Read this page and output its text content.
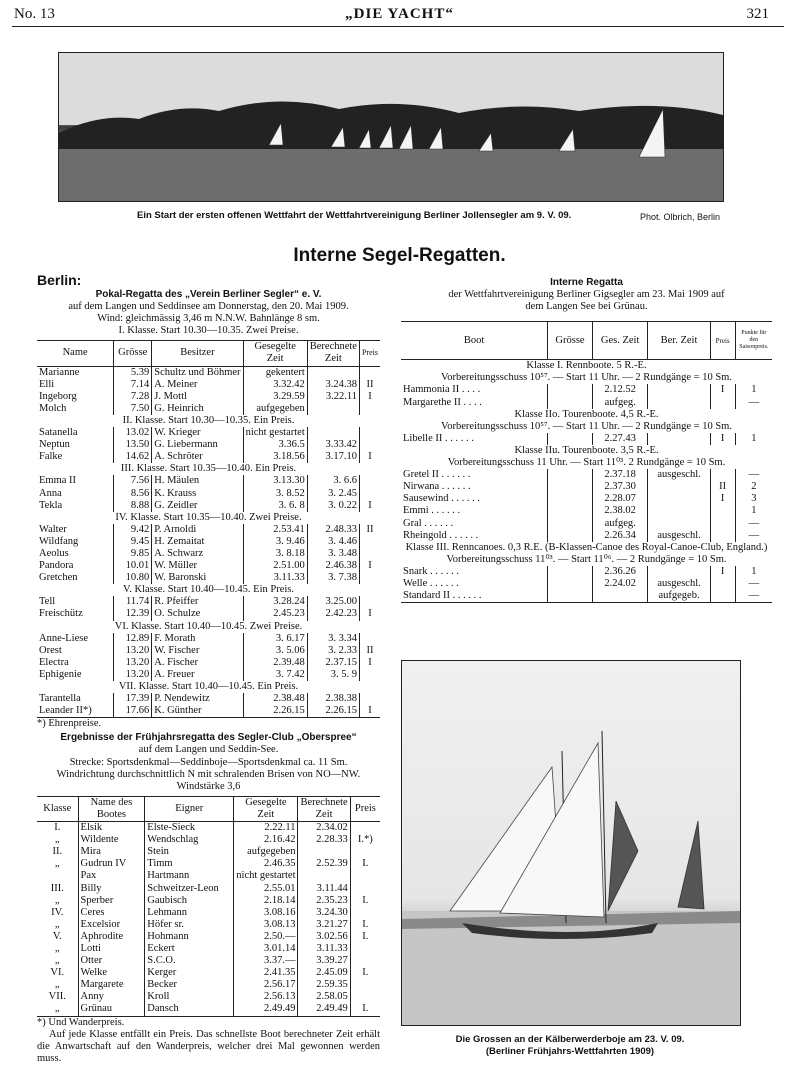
No. 13	„DIE YACHT“	321
Ein Start der ersten offenen Wettfahrt der Wettfahrtvereinigung Berliner Jollensegler am 9. V. 09.	Phot. Olbrich, Berlin
Interne Segel-Regatten.
Berlin:
Pokal-Regatta des „Verein Berliner Segler“ e. V.
auf dem Langen und Seddinsee am Donnerstag, den 20. Mai 1909.
Wind: gleichmässig 3,46 m N.N.W. Bahnlänge 8 sm.
I. Klasse. Start 10.30—10.35. Zwei Preise.
Name	Grösse	Besitzer	Gesegelte Zeit	Berechnete Zeit	Preis
Marianne	5.39	Schultz und Böhmer	gekentert		
Elli	7.14	A. Meiner	3.32.42	3.24.38	II
Ingeborg	7.28	J. Mottl	3.29.59	3.22.11	I
Molch	7.50	G. Heinrich	aufgegeben		
II. Klasse. Start 10.30—10.35. Ein Preis.					
Satanella	13.02	W. Krieger	nicht gestartet		
Neptun	13.50	G. Liebermann	3.36.5	3.33.42	
Falke	14.62	A. Schröter	3.18.56	3.17.10	I
III. Klasse. Start 10.35—10.40. Ein Preis.					
Emma II	7.56	H. Mäulen	3.13.30	3. 6.6	
Anna	8.56	K. Krauss	3. 8.52	3. 2.45	
Tekla	8.88	G. Zeidler	3. 6. 8	3. 0.22	I
IV. Klasse. Start 10.35—10.40. Zwei Preise.					
Walter	9.42	P. Arnoldi	2.53.41	2.48.33	II
Wildfang	9.45	H. Zemaitat	3. 9.46	3. 4.46	
Aeolus	9.85	A. Schwarz	3. 8.18	3. 3.48	
Pandora	10.01	W. Müller	2.51.00	2.46.38	I
Gretchen	10.80	W. Baronski	3.11.33	3. 7.38	
V. Klasse. Start 10.40—10.45. Ein Preis.					
Tell	11.74	R. Pfeiffer	3.28.24	3.25.00	
Freischütz	12.39	O. Schulze	2.45.23	2.42.23	I
VI. Klasse. Start 10.40—10.45. Zwei Preise.					
Anne-Liese	12.89	F. Morath	3. 6.17	3. 3.34	
Orest	13.20	W. Fischer	3. 5.06	3. 2.33	II
Electra	13.20	A. Fischer	2.39.48	2.37.15	I
Ephigenie	13.20	A. Freuer	3. 7.42	3. 5. 9	
VII. Klasse. Start 10.40—10.45. Ein Preis.					
Tarantella	17.39	P. Nendewitz	2.38.48	2.38.38	
Leander II*)	17.66	K. Günther	2.26.15	2.26.15	I
*) Ehrenpreise.
Ergebnisse der Frühjahrsregatta des Segler-Club „Oberspree“
auf dem Langen und Seddin-See.
Strecke: Sportsdenkmal—Seddinboje—Sportsdenkmal ca. 11 Sm.
Windrichtung durchschnittlich N mit schralenden Brisen von NO—NW.
Windstärke 3,6
Klasse	Name des Bootes	Eigner	Gesegelte Zeit	Berechnete Zeit	Preis
I.	Elsik	Elste-Sieck	2.22.11	2.34.02	
„	Wildente	Wendschlag	2.16.42	2.28.33	I.*)
II.	Mira	Stein	aufgegeben		
„	Gudrun IV	Timm	2.46.35	2.52.39	I.
	Pax	Hartmann	nicht gestartet		
III.	Billy	Schweitzer-Leon	2.55.01	3.11.44	
„	Sperber	Gaubisch	2.18.14	2.35.23	I.
IV.	Ceres	Lehmann	3.08.16	3.24.30	
„	Excelsior	Höfer sr.	3.08.13	3.21.27	I.
V.	Aphrodite	Hohmann	2.50.—	3.02.56	I.
„	Lotti	Eckert	3.01.14	3.11.33	
„	Otter	S.C.O.	3.37.—	3.39.27	
VI.	Welke	Kerger	2.41.35	2.45.09	I.
„	Margarete	Becker	2.56.17	2.59.35	
VII.	Anny	Kroll	2.56.13	2.58.05	
„	Grünau	Dansch	2.49.49	2.49.49	I.
*) Und Wanderpreis.
Auf jede Klasse entfällt ein Preis. Das schnellste Boot berechneter Zeit erhält die Anwartschaft auf den Wanderpreis, welcher drei Mal gewonnen werden muss.
Interne Regatta
der Wettfahrtvereinigung Berliner Gigsegler am 23. Mai 1909 auf
dem Langen See bei Grünau.
Boot	Grösse	Ges. Zeit	Ber. Zeit	Preis	Punkte für den Saisonpreis.
Klasse I. Rennboote. 5 R.-E.					
Vorbereitungsschuss 10⁵⁷. — Start 11 Uhr. — 2 Rundgänge = 10 Sm.					
Hammonia II . . . .		2.12.52		I	1
Margarethe II . . . .		aufgeg.			—
Klasse IIo. Tourenboote. 4,5 R.-E.					
Vorbereitungsschuss 10⁵⁷. — Start 11 Uhr. — 2 Rundgänge = 10 Sm.					
Libelle II . . . . . .		2.27.43		I	1
Klasse IIu. Tourenboote. 3,5 R.-E.					
Vorbereitungsschuss 11 Uhr. — Start 11⁰³. 2 Rundgänge = 10 Sm.					
Gretel II . . . . . .		2.37.18	ausgeschl.		—
Nirwana . . . . . .		2.37.30		II	2
Sausewind . . . . . .		2.28.07		I	3
Emmi . . . . . .		2.38.02			1
Gral . . . . . .		aufgeg.			—
Rheingold . . . . . .		2.26.34	ausgeschl.		—
Klasse III. Renncanoes. 0,3 R.E. (B-Klassen-Canoe des Royal-Canoe-Club, England.)					
Vorbereitungsschuss 11⁰³. — Start 11⁰⁶. — 2 Rundgänge = 10 Sm.					
Snark . . . . . .		2.36.26		I	1
Welle . . . . . .		2.24.02	ausgeschl.		—
Standard II . . . . . .			aufgegeb.		—
Die Grossen an der Kälberwerderboje am 23. V. 09.
(Berliner Frühjahrs-Wettfahrten 1909)
